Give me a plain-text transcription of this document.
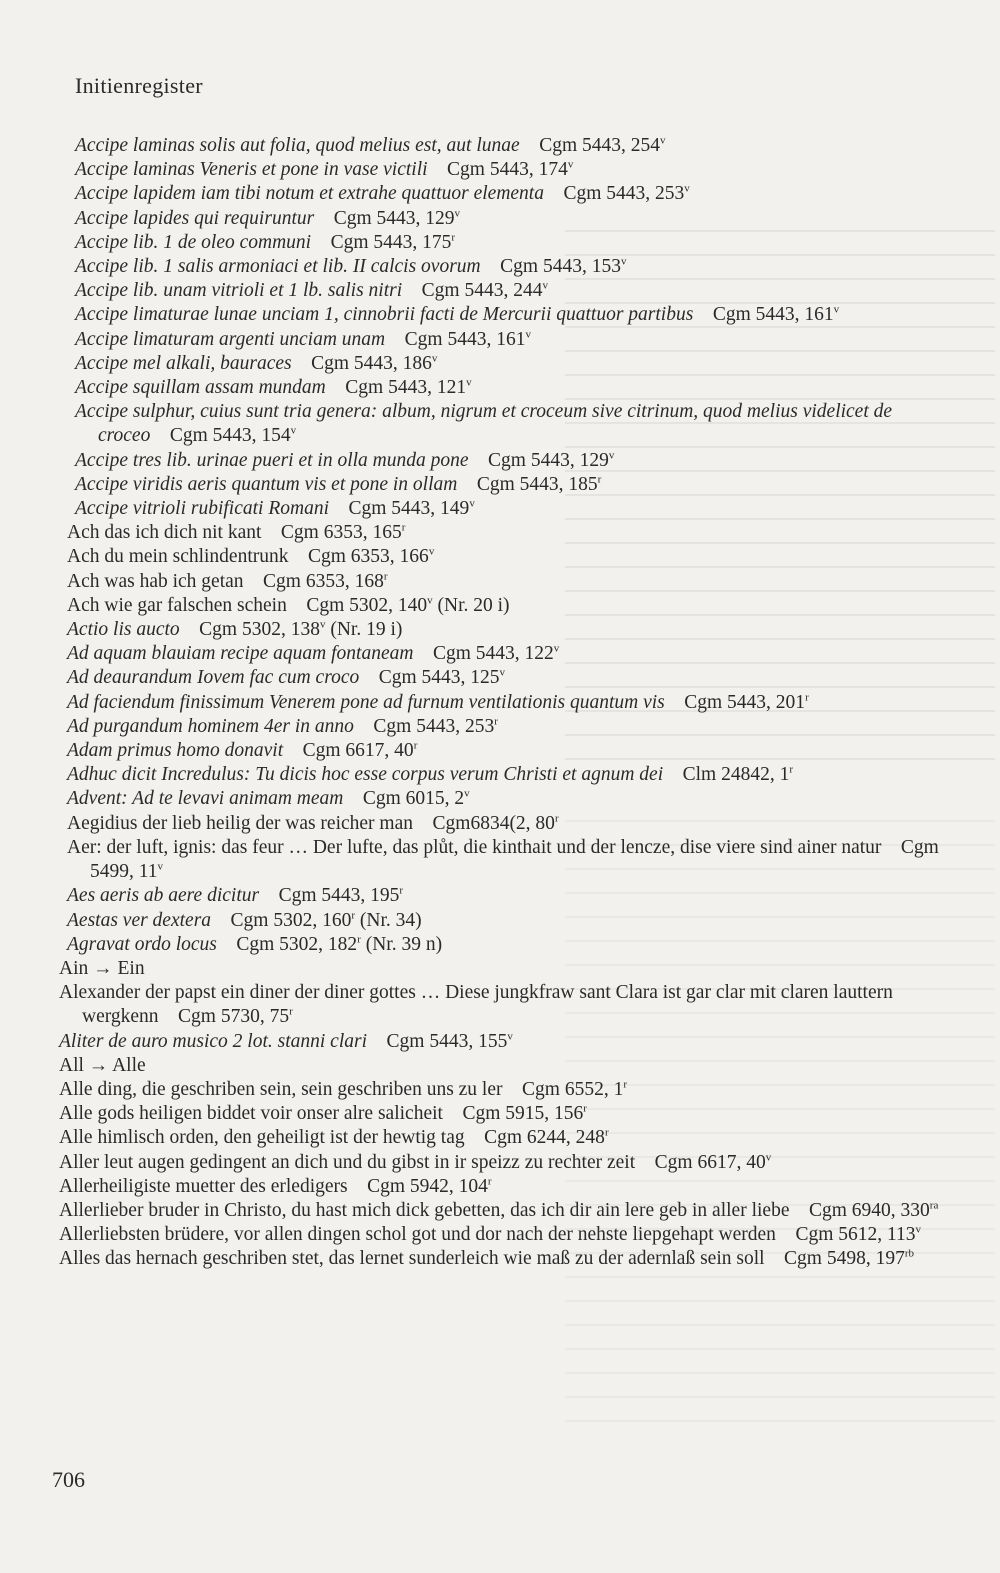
Initienregister
Accipe laminas solis aut folia, quod melius est, aut lunae   Cgm 5443, 254$^v$
Accipe laminas Veneris et pone in vase victili   Cgm 5443, 174$^v$
Accipe lapidem iam tibi notum et extrahe quattuor elementa   Cgm 5443, 253$^v$
Accipe lapides qui requiruntur   Cgm 5443, 129$^v$
Accipe lib. 1 de oleo communi   Cgm 5443, 175$^r$
Accipe lib. 1 salis armoniaci et lib. II calcis ovorum   Cgm 5443, 153$^v$
Accipe lib. unam vitrioli et 1 lb. salis nitri   Cgm 5443, 244$^v$
Accipe limaturae lunae unciam 1, cinnobrii facti de Mercurii quattuor partibus   Cgm 5443, 161$^v$
Accipe limaturam argenti unciam unam   Cgm 5443, 161$^v$
Accipe mel alkali, bauraces   Cgm 5443, 186$^v$
Accipe squillam assam mundam   Cgm 5443, 121$^v$
Accipe sulphur, cuius sunt tria genera: album, nigrum et croceum sive citrinum, quod melius videlicet de croceo   Cgm 5443, 154$^v$
Accipe tres lib. urinae pueri et in olla munda pone   Cgm 5443, 129$^v$
Accipe viridis aeris quantum vis et pone in ollam   Cgm 5443, 185$^r$
Accipe vitrioli rubificati Romani   Cgm 5443, 149$^v$
Ach das ich dich nit kant   Cgm 6353, 165$^r$
Ach du mein schlindentrunk   Cgm 6353, 166$^v$
Ach was hab ich getan   Cgm 6353, 168$^r$
Ach wie gar falschen schein   Cgm 5302, 140$^v$ (Nr. 20 i)
Actio lis aucto   Cgm 5302, 138$^v$ (Nr. 19 i)
Ad aquam blauiam recipe aquam fontaneam   Cgm 5443, 122$^v$
Ad deaurandum Iovem fac cum croco   Cgm 5443, 125$^v$
Ad faciendum finissimum Venerem pone ad furnum ventilationis quantum vis   Cgm 5443, 201$^r$
Ad purgandum hominem 4er in anno   Cgm 5443, 253$^r$
Adam primus homo donavit   Cgm 6617, 40$^r$
Adhuc dicit Incredulus: Tu dicis hoc esse corpus verum Christi et agnum dei   Clm 24842, 1$^r$
Advent: Ad te levavi animam meam   Cgm 6015, 2$^v$
Aegidius der lieb heilig der was reicher man   Cgm6834(2, 80$^r$
Aer: der luft, ignis: das feur … Der lufte, das plůt, die kinthait und der lencze, dise viere sind ainer natur   Cgm 5499, 11$^v$
Aes aeris ab aere dicitur   Cgm 5443, 195$^r$
Aestas ver dextera   Cgm 5302, 160$^r$ (Nr. 34)
Agravat ordo locus   Cgm 5302, 182$^r$ (Nr. 39 n)
Ain → Ein
Alexander der papst ein diner der diner gottes … Diese jungkfraw sant Clara ist gar clar mit claren lauttern wergkenn   Cgm 5730, 75$^r$
Aliter de auro musico 2 lot. stanni clari   Cgm 5443, 155$^v$
All → Alle
Alle ding, die geschriben sein, sein geschriben uns zu ler   Cgm 6552, 1$^r$
Alle gods heiligen biddet voir onser alre salicheit   Cgm 5915, 156$^r$
Alle himlisch orden, den geheiligt ist der hewtig tag   Cgm 6244, 248$^r$
Aller leut augen gedingent an dich und du gibst in ir speizz zu rechter zeit   Cgm 6617, 40$^v$
Allerheiligiste muetter des erledigers   Cgm 5942, 104$^r$
Allerlieber bruder in Christo, du hast mich dick gebetten, das ich dir ain lere geb in aller liebe   Cgm 6940, $330^{ra}$
Allerliebsten brüdere, vor allen dingen schol got und dor nach der nehste liepgehapt werden   Cgm 5612, 113$^v$
Alles das hernach geschriben stet, das lernet sunderleich wie maß zu der adernlaß sein soll   Cgm 5498, $197^{rb}$
706
